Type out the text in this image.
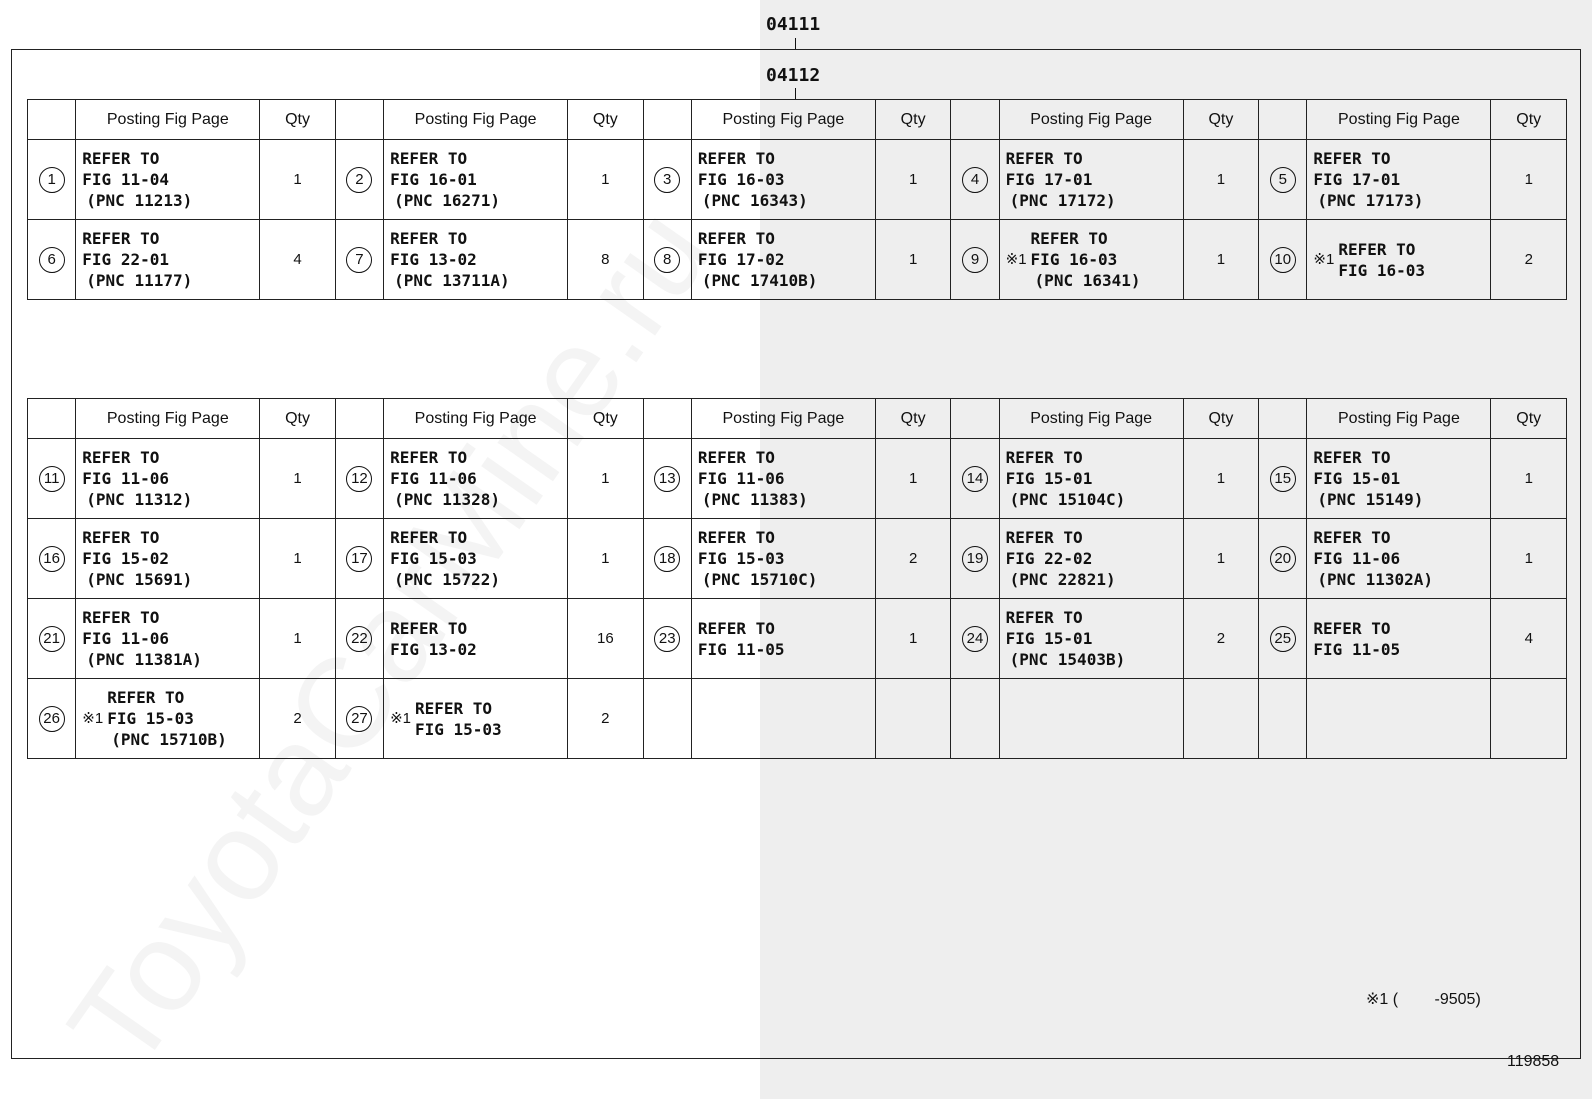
04111
04112
	Posting Fig Page	Qty		Posting Fig Page	Qty		Posting Fig Page	Qty		Posting Fig Page	Qty		Posting Fig Page	Qty
1	REFER TO
FIG 11-04
(PNC 11213)	1	2	REFER TO
FIG 16-01
(PNC 16271)	1	3	REFER TO
FIG 16-03
(PNC 16343)	1	4	REFER TO
FIG 17-01
(PNC 17172)	1	5	REFER TO
FIG 17-01
(PNC 17173)	1
6	REFER TO
FIG 22-01
(PNC 11177)	4	7	REFER TO
FIG 13-02
(PNC 13711A)	8	8	REFER TO
FIG 17-02
(PNC 17410B)	1	9	※1
REFER TO
FIG 16-03
(PNC 16341)	1	10	※1
REFER TO
FIG 16-03	2
	Posting Fig Page	Qty		Posting Fig Page	Qty		Posting Fig Page	Qty		Posting Fig Page	Qty		Posting Fig Page	Qty
11	REFER TO
FIG 11-06
(PNC 11312)	1	12	REFER TO
FIG 11-06
(PNC 11328)	1	13	REFER TO
FIG 11-06
(PNC 11383)	1	14	REFER TO
FIG 15-01
(PNC 15104C)	1	15	REFER TO
FIG 15-01
(PNC 15149)	1
16	REFER TO
FIG 15-02
(PNC 15691)	1	17	REFER TO
FIG 15-03
(PNC 15722)	1	18	REFER TO
FIG 15-03
(PNC 15710C)	2	19	REFER TO
FIG 22-02
(PNC 22821)	1	20	REFER TO
FIG 11-06
(PNC 11302A)	1
21	REFER TO
FIG 11-06
(PNC 11381A)	1	22	REFER TO
FIG 13-02	16	23	REFER TO
FIG 11-05	1	24	REFER TO
FIG 15-01
(PNC 15403B)	2	25	REFER TO
FIG 11-05	4
26	※1
REFER TO
FIG 15-03
(PNC 15710B)	2	27	※1
REFER TO
FIG 15-03	2									
※1 (　　 -9505)
119858
